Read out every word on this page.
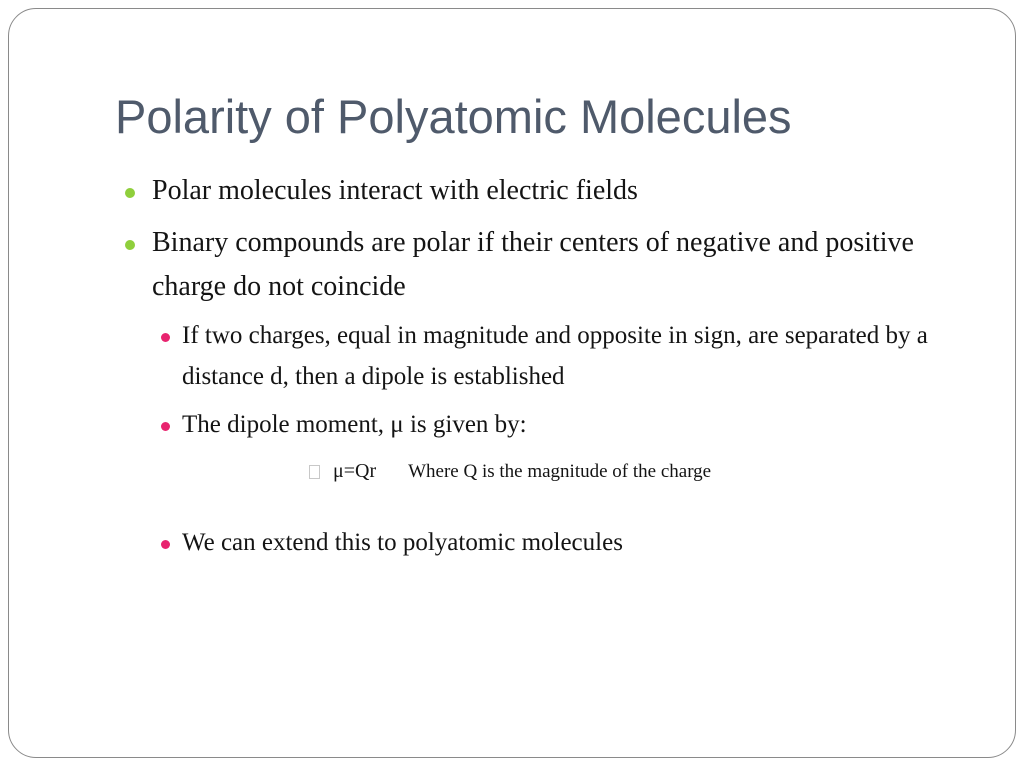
Polarity of Polyatomic Molecules
Polar molecules interact with electric fields
Binary compounds are polar if their centers of negative and positive charge do not coincide
If two charges, equal in magnitude and opposite in sign, are separated by a distance d, then a dipole is established
The dipole moment, μ is given by:
μ=Qr Where Q is the magnitude of the charge
We can extend this to polyatomic molecules
